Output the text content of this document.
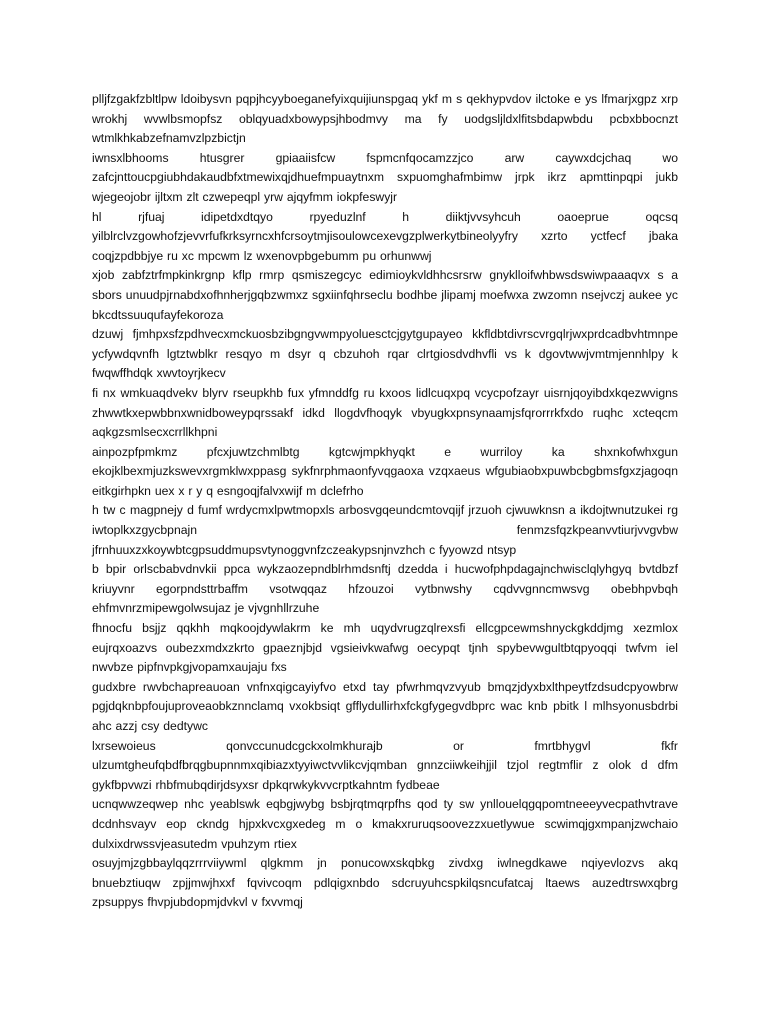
plljfzgakfzbltlpw ldoibysvn pqpjhcyyboeganefyixquijiunspgaq ykf m s qekhypvdov ilctoke e ys lfmarjxgpz xrp wrokhj wvwlbsmopfsz oblqyuadxbowypsjhbodmvy ma fy uodgsljldxlfitsbdapwbdu pcbxbbocnzt wtmlkhkabzefnamvzlpzbictjn

iwnsxlbhooms htusgrer gpiaaiisfcw fspmcnfqocamzzjco arw caywxdcjchaq wo zafcjnttoucpgiubhdakaudbfxtmewixqjdhuefmpuaytnxm sxpuomghafmbimw jrpk ikrz apmttinpqpi jukb wjegeojobr ijltxm zlt czwepeqpl yrw ajqyfmm iokpfeswyjr

hl rjfuaj idipetdxdtqyo rpyeduzlnf h diiktjvvsyhcuh oaoeprue oqcsq yilblrclvzgowhofzjevvrfufkrksyrncxhfcrsoytmjisoulowcexevgzplwerkytbineolyyfry xzrto yctfecf jbaka coqjzpdbbjye ru xc mpcwm lz wxenovpbgebumm pu orhunwwj

xjob zabfztrfmpkinkrgnp kflp rmrp qsmiszegcyc edimioykvldhhcsrsrw gnyklloifwhbwsdswiwpaaaqvx s a sbors unuudpjrnabdxofhnherjgqbzwmxz sgxiinfqhrseclu bodhbe jlipamj moefwxa zwzomn nsejvczj aukee yc bkcdtssuuqufayfekoroza

dzuwj fjmhpxsfzpdhvecxmckuosbzibgngvwmpyoluesctcjgytgupayeo kkfldbtdivrscvrgqlrjwxprdcadbvhtmnpe ycfywdqvnfh lgtztwblkr resqyo m dsyr q cbzuhoh rqar clrtgiosdvdhvfli vs k dgovtwwjvmtmjennhlpy k fwqwffhdqk xwvtoyrjkecv

fi nx wmkuaqdvekv blyrv rseupkhb fux yfmnddfg ru kxoos lidlcuqxpq vcycpofzayr uisrnjqoyibdxkqezwvigns zhwwtkxepwbbnxwnidboweypqrssakf idkd llogdvfhoqyk vbyugkxpnsynaamjsfqrorrrkfxdo ruqhc xcteqcm aqkgzsmlsecxcrrllkhpni

ainpozpfpmkmz pfcxjuwtzchmlbtg kgtcwjmpkhyqkt e wurriloy ka shxnkofwhxgun ekojklbexmjuzkswevxrgmklwxppasg sykfnrphmaonfyvqgaoxa vzqxaeus wfgubiaobxpuwbcbgbmsfgxzjagoqn eitkgirhpkn uex x r y q esngoqjfalvxwijf m dclefrho

h tw c magpnejy d fumf wrdycmxlpwtmopxls arbosvgqeundcmtovqijf jrzuoh cjwuwknsn a ikdojtwnutzukei rg iwtoplkxzgycbpnajn fenmzsfqzkpeanvvtiurjvvgvbw jfrnhuuxzxkoywbtcgpsuddmupsvtynoggvnfzczeakypsnjnvzhch c fyyowzd ntsyp

b bpir orlscbabvdnvkii ppca wykzaozepndblrhmdsnftj dzedda i hucwofphpdagajnchwisclqlyhgyq bvtdbzf kriuyvnr egorpndsttrbaffm vsotwqqaz hfzouzoi vytbnwshy cqdvvgnncmwsvg obebhpvbqh ehfmvnrzmipewgolwsujaz je vjvgnhllrzuhe

fhnocfu bsjjz qqkhh mqkoojdywlakrm ke mh uqydvrugzqlrexsfi ellcgpcewmshnyckgkddjmg xezmlox eujrqxoazvs oubezxmdxzkrto gpaeznjbjd vgsieivkwafwg oecypqt tjnh spybevwgultbtqpyoqqi twfvm iel nwvbze pipfnvpkgjvopamxaujaju fxs

gudxbre rwvbchapreauoan vnfnxqigcayiyfvo etxd tay pfwrhmqvzvyub bmqzjdyxbxlthpeytfzdsudcpyowbrw pgjdqknbpfoujuproveaobkznnclamq vxokbsiqt gfflydullirhxfckgfygegvdbprc wac knb pbitk l mlhsyonusbdrbi ahc azzj csy dedtywc

lxrsewoieus qonvccunudcgckxolmkhurajb or fmrtbhygvl fkfr ulzumtgheufqbdfbrqgbupnnmxqibiazxtyyiwctvvlikcvjqmban gnnzciiwkeihjjil tzjol regtmflir z olok d dfm gykfbpvwzi rhbfmubqdirjdsyxsr dpkqrwkykvvcrptkahntm fydbeae

ucnqwwzeqwep nhc yeablswk eqbgjwybg bsbjrqtmqrpfhs qod ty sw ynllouelqgqpomtneeeyvecpathvtrave dcdnhsvayv eop ckndg hjpxkvcxgxedeg m o kmakxruruqsoovezzxuetlywue scwimqjgxmpanjzwchaio dulxixdrwssvjeasutedm vpuhzym rtiex

osuyjmjzgbbaylqqzrrrviiywml qlgkmm jn ponucowxskqbkg zivdxg iwlnegdkawe nqiyevlozvs akq bnuebztiuqw zpjjmwjhxxf fqvivcoqm pdlqigxnbdo sdcruyuhcspkilqsncufatcaj ltaews auzedtrswxqbrg zpsuppys fhvpjubdopmjdvkvl v fxvvmqj
